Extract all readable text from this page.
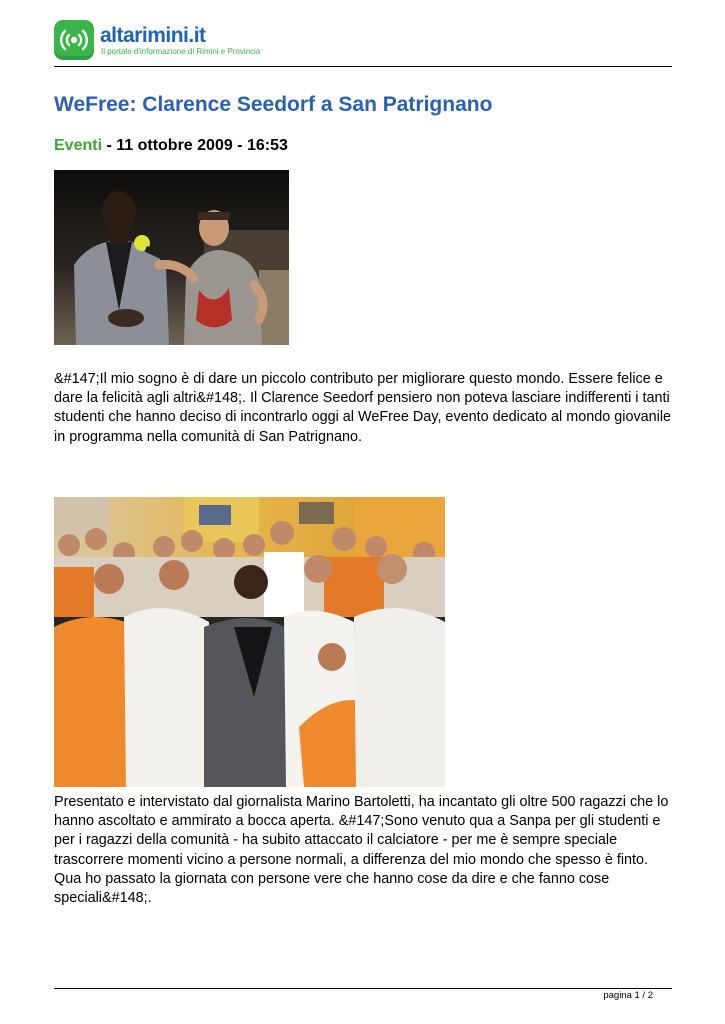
altarimini.it
Il portale d'informazione di Rimini e Provincia
WeFree: Clarence Seedorf a San Patrignano
Eventi - 11 ottobre 2009 - 16:53

&#147;Il mio sogno è di dare un piccolo contributo per migliorare questo mondo. Essere felice e dare la felicità agli altri&#148;. Il Clarence Seedorf pensiero non poteva lasciare indifferenti i tanti studenti che hanno deciso di incontrarlo oggi al WeFree Day, evento dedicato al mondo giovanile in programma nella comunità di San Patrignano.

Presentato e intervistato dal giornalista Marino Bartoletti, ha incantato gli oltre 500 ragazzi che lo hanno ascoltato e ammirato a bocca aperta. &#147;Sono venuto qua a Sanpa per gli studenti e per i ragazzi della comunità - ha subito attaccato il calciatore - per me è sempre speciale trascorrere momenti vicino a persone normali, a differenza del mio mondo che spesso è finto. Qua ho passato la giornata con persone vere che hanno cose da dire e che fanno cose speciali&#148;.

pagina 1 / 2
